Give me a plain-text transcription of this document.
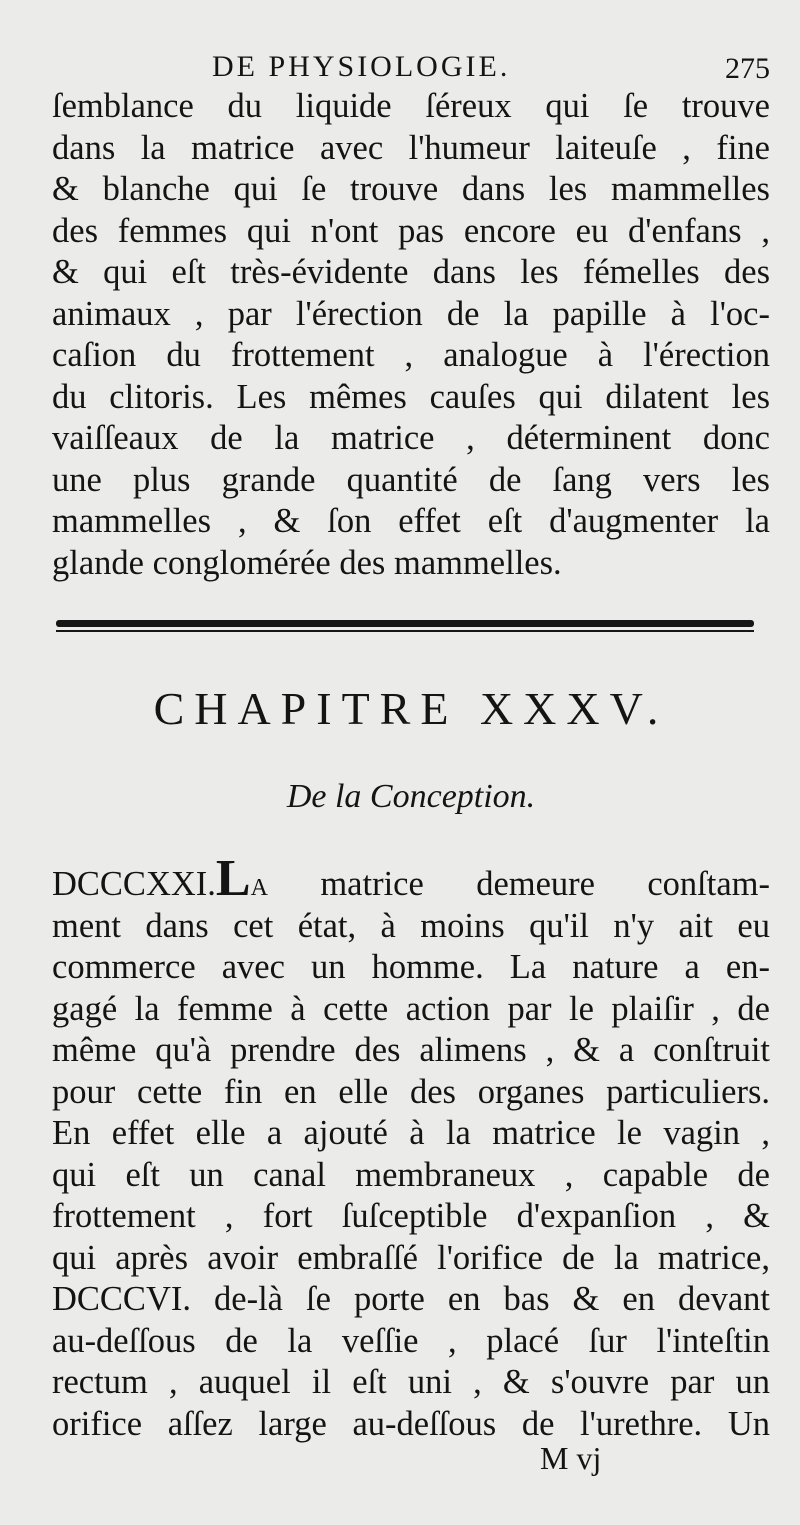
DE PHYSIOLOGIE.	275
ſemblance du liquide ſéreux qui ſe trouve
dans la matrice avec l'humeur laiteuſe , fine
& blanche qui ſe trouve dans les mammelles
des femmes qui n'ont pas encore eu d'enfans ,
& qui eſt très-évidente dans les fémelles des
animaux , par l'érection de la papille à l'oc-
caſion du frottement , analogue à l'érection
du clitoris. Les mêmes cauſes qui dilatent les
vaiſſeaux de la matrice , déterminent donc
une plus grande quantité de ſang vers les
mammelles , & ſon effet eſt d'augmenter la
glande conglomérée des mammelles.
CHAPITRE XXXV.
De la Conception.
DCCCXXI.La matrice demeure conſtam-
ment dans cet état, à moins qu'il n'y ait eu
commerce avec un homme. La nature a en-
gagé la femme à cette action par le plaiſir , de
même qu'à prendre des alimens , & a conſtruit
pour cette fin en elle des organes particuliers.
En effet elle a ajouté à la matrice le vagin ,
qui eſt un canal membraneux , capable de
frottement , fort ſuſceptible d'expanſion , &
qui après avoir embraſſé l'orifice de la matrice,
DCCCVI. de-là ſe porte en bas & en devant
au-deſſous de la veſſie , placé ſur l'inteſtin
rectum , auquel il eſt uni , & s'ouvre par un
orifice aſſez large au-deſſous de l'urethre. Un
M vj
